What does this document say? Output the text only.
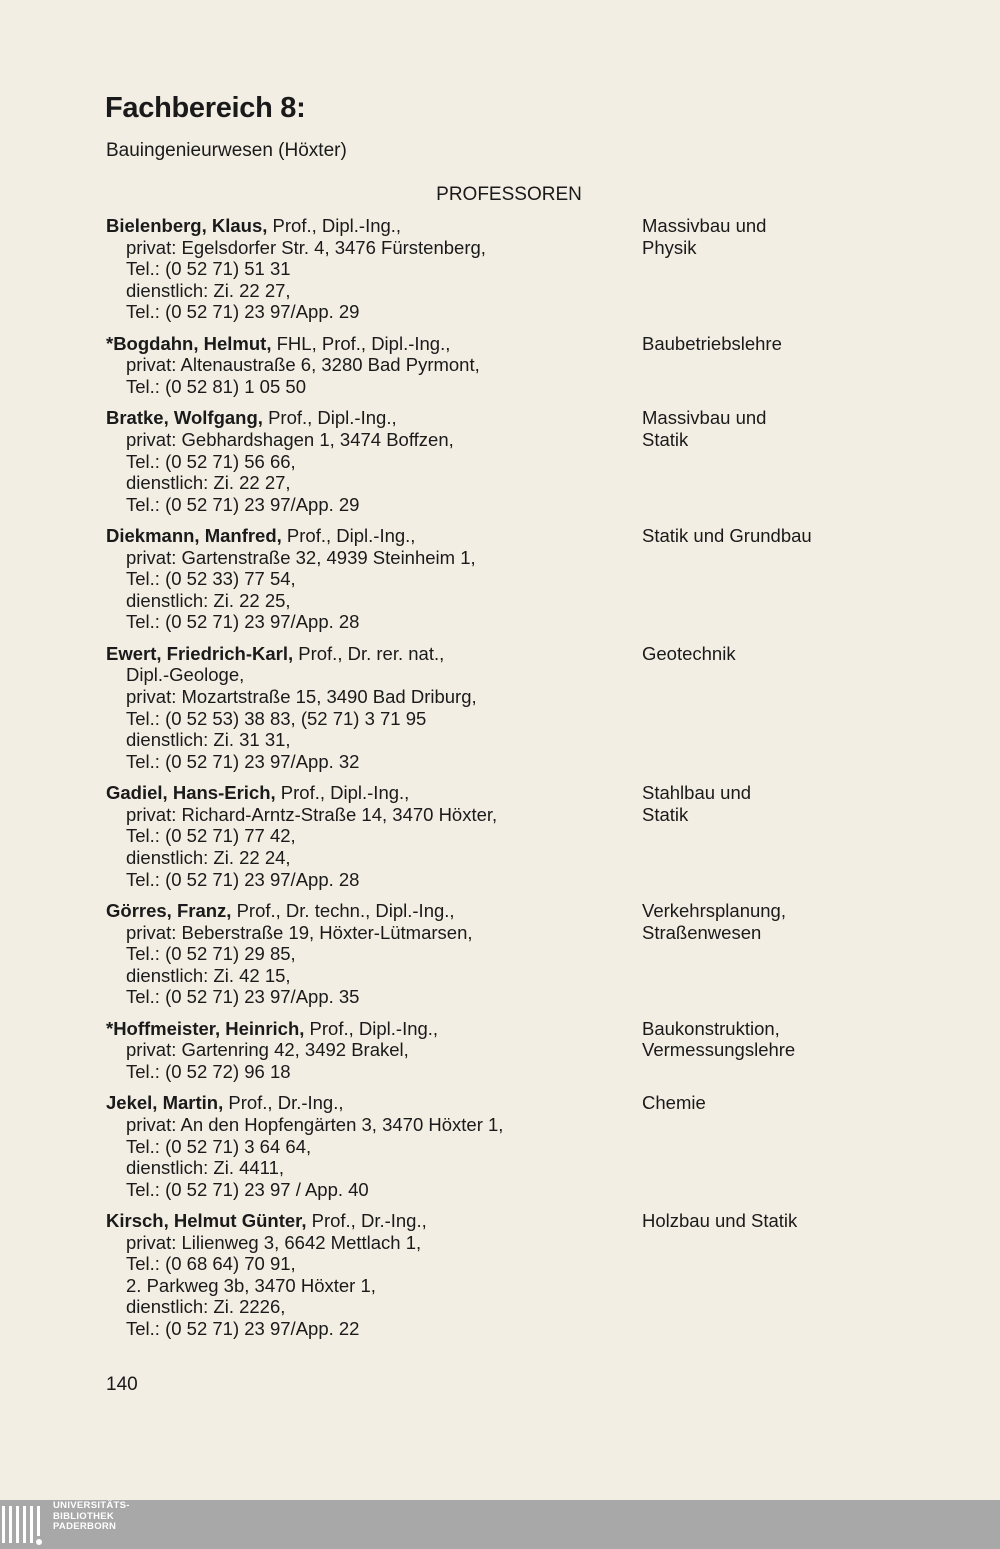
Fachbereich 8:
Bauingenieurwesen (Höxter)
PROFESSOREN
Bielenberg, Klaus, Prof., Dipl.-Ing.,
privat: Egelsdorfer Str. 4, 3476 Fürstenberg,
Tel.: (0 52 71) 51 31
dienstlich: Zi. 22 27,
Tel.: (0 52 71) 23 97/App. 29
Massivbau und
Physik
*Bogdahn, Helmut, FHL, Prof., Dipl.-Ing.,
privat: Altenaustraße 6, 3280 Bad Pyrmont,
Tel.: (0 52 81) 1 05 50
Baubetriebslehre
Bratke, Wolfgang, Prof., Dipl.-Ing.,
privat: Gebhardshagen 1, 3474 Boffzen,
Tel.: (0 52 71) 56 66,
dienstlich: Zi. 22 27,
Tel.: (0 52 71) 23 97/App. 29
Massivbau und
Statik
Diekmann, Manfred, Prof., Dipl.-Ing.,
privat: Gartenstraße 32, 4939 Steinheim 1,
Tel.: (0 52 33) 77 54,
dienstlich: Zi. 22 25,
Tel.: (0 52 71) 23 97/App. 28
Statik und Grundbau
Ewert, Friedrich-Karl, Prof., Dr. rer. nat.,
Dipl.-Geologe,
privat: Mozartstraße 15, 3490 Bad Driburg,
Tel.: (0 52 53) 38 83, (52 71) 3 71 95
dienstlich: Zi. 31 31,
Tel.: (0 52 71) 23 97/App. 32
Geotechnik
Gadiel, Hans-Erich, Prof., Dipl.-Ing.,
privat: Richard-Arntz-Straße 14, 3470 Höxter,
Tel.: (0 52 71) 77 42,
dienstlich: Zi. 22 24,
Tel.: (0 52 71) 23 97/App. 28
Stahlbau und
Statik
Görres, Franz, Prof., Dr. techn., Dipl.-Ing.,
privat: Beberstraße 19, Höxter-Lütmarsen,
Tel.: (0 52 71) 29 85,
dienstlich: Zi. 42 15,
Tel.: (0 52 71) 23 97/App. 35
Verkehrsplanung,
Straßenwesen
*Hoffmeister, Heinrich, Prof., Dipl.-Ing.,
privat: Gartenring 42, 3492 Brakel,
Tel.: (0 52 72) 96 18
Baukonstruktion,
Vermessungslehre
Jekel, Martin, Prof., Dr.-Ing.,
privat: An den Hopfengärten 3, 3470 Höxter 1,
Tel.: (0 52 71) 3 64 64,
dienstlich: Zi. 4411,
Tel.: (0 52 71) 23 97 / App. 40
Chemie
Kirsch, Helmut Günter, Prof., Dr.-Ing.,
privat: Lilienweg 3, 6642 Mettlach 1,
Tel.: (0 68 64) 70 91,
2. Parkweg 3b, 3470 Höxter 1,
dienstlich: Zi. 2226,
Tel.: (0 52 71) 23 97/App. 22
Holzbau und Statik
140
UNIVERSITÄTS-
BIBLIOTHEK
PADERBORN
